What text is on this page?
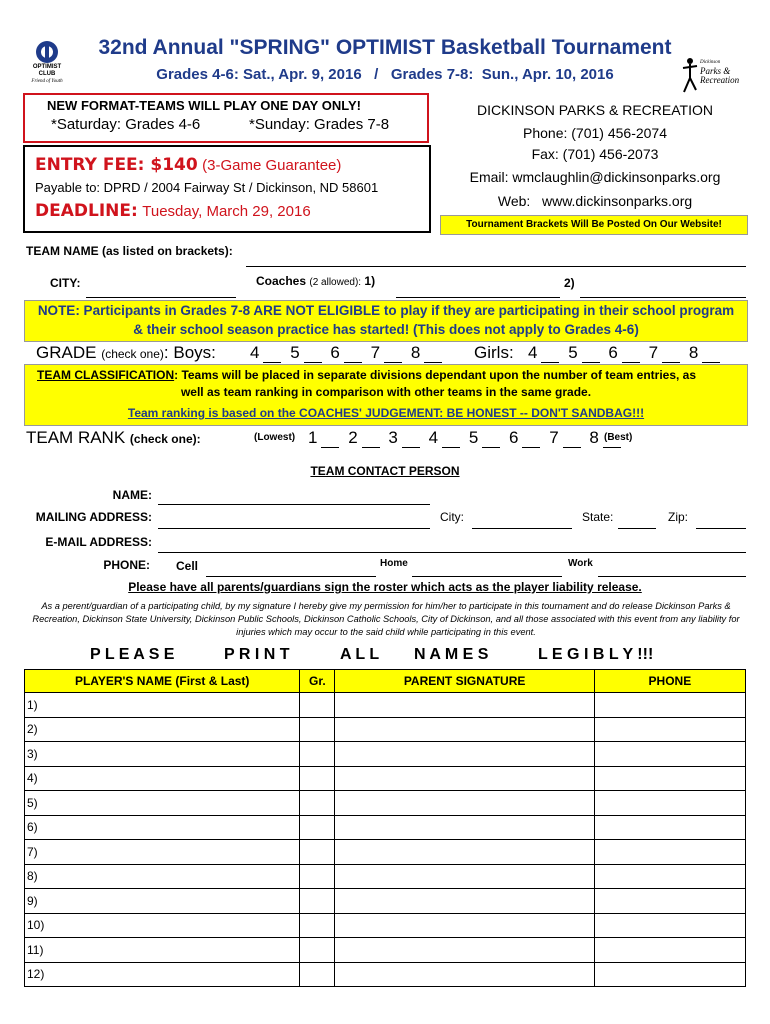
OPTIMIST
CLUB
Friend of Youth
Dickinson
Parks &
Recreation
32nd Annual "SPRING" OPTIMIST Basketball Tournament
Grades 4-6: Sat., Apr. 9, 2016   /   Grades 7-8:  Sun., Apr. 10, 2016
NEW FORMAT-TEAMS WILL PLAY ONE DAY ONLY!
*Saturday: Grades 4-6	*Sunday: Grades 7-8
ENTRY FEE: $140 (3-Game Guarantee)
Payable to: DPRD / 2004 Fairway St / Dickinson, ND 58601
DEADLINE: Tuesday, March 29, 2016
DICKINSON PARKS & RECREATION
Phone: (701) 456-2074
Fax: (701) 456-2073
Email: wmclaughlin@dickinsonparks.org
Web: www.dickinsonparks.org
Tournament Brackets Will Be Posted On Our Website!
TEAM NAME (as listed on brackets):
CITY:	Coaches (2 allowed): 1)	2)
NOTE: Participants in Grades 7-8 ARE NOT ELIGIBLE to play if they are participating in their school program
& their school season practice has started! (This does not apply to Grades 4-6)
GRADE (check one): Boys: 4 5 6 7 8	Girls: 4 5 6 7 8
TEAM CLASSIFICATION: Teams will be placed in separate divisions dependant upon the number of team entries, as
well as team ranking in comparison with other teams in the same grade.
Team ranking is based on the COACHES' JUDGEMENT: BE HONEST -- DON'T SANDBAG!!!
TEAM RANK (check one):	(Lowest) 1 2 3 4 5 6 7 8 (Best)
TEAM CONTACT PERSON
NAME:
MAILING ADDRESS:	City:	State:	Zip:
E-MAIL ADDRESS:
PHONE: Cell	Home	Work
Please have all parents/guardians sign the roster which acts as the player liability release.
As a perent/guardian of a participating child, by my signature I hereby give my permission for him/her to participate in this tournament and do release Dickinson Parks & Recreation, Dickinson State University, Dickinson Public Schools, Dickinson Catholic Schools, City of Dickinson, and all those associated with this event from any liability for injuries which may occur to the said child while participating in this event.
P L E A S E	P R I N T	A L L N A M E S	L E G I B L Y !!!
PLAYER'S NAME (First & Last)	Gr.	PARENT SIGNATURE	PHONE
1)			
2)			
3)			
4)			
5)			
6)			
7)			
8)			
9)			
10)			
11)			
12)			
